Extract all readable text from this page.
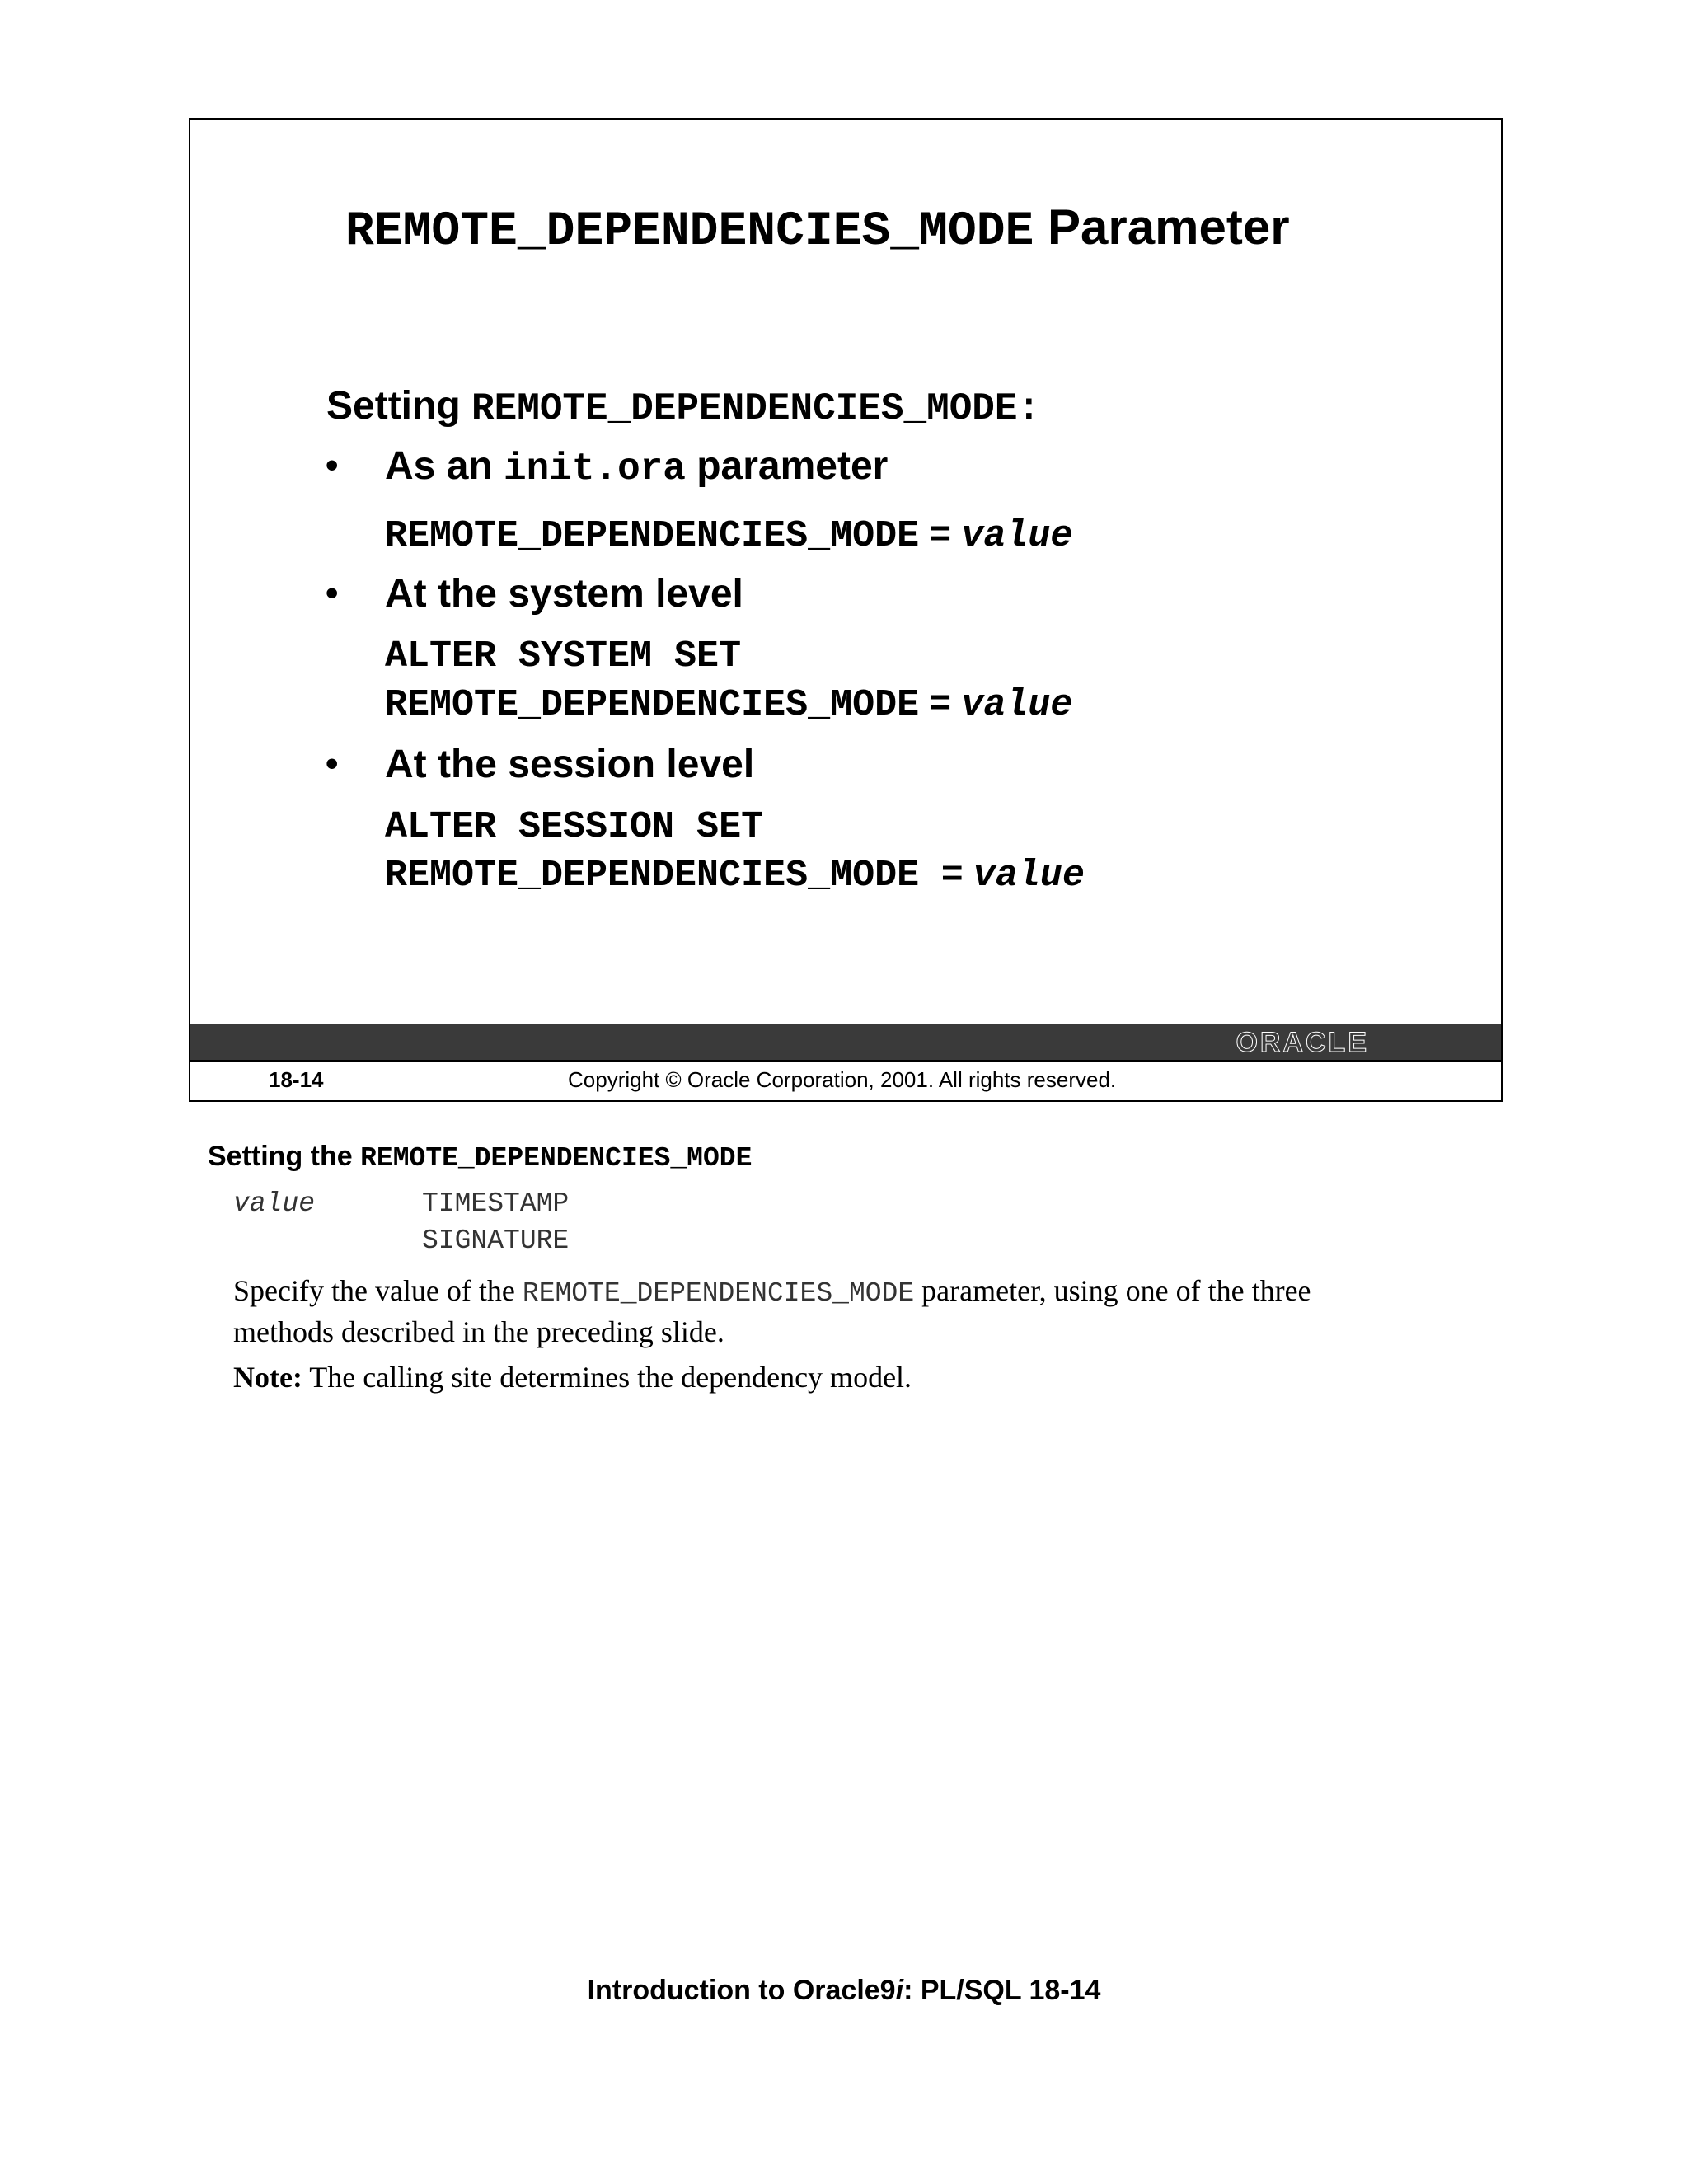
REMOTE_DEPENDENCIES_MODE Parameter
Setting REMOTE_DEPENDENCIES_MODE:
• As an init.ora parameter
REMOTE_DEPENDENCIES_MODE = value
• At the system level
ALTER SYSTEM SET
REMOTE_DEPENDENCIES_MODE = value
• At the session level
ALTER SESSION SET
REMOTE_DEPENDENCIES_MODE = value
ORACLE
18-14	Copyright © Oracle Corporation, 2001. All rights reserved.
Setting the REMOTE_DEPENDENCIES_MODE
value	TIMESTAMP
SIGNATURE
Specify the value of the REMOTE_DEPENDENCIES_MODE parameter, using one of the three
methods described in the preceding slide.
Note: The calling site determines the dependency model.
Introduction to Oracle9i: PL/SQL 18-14
